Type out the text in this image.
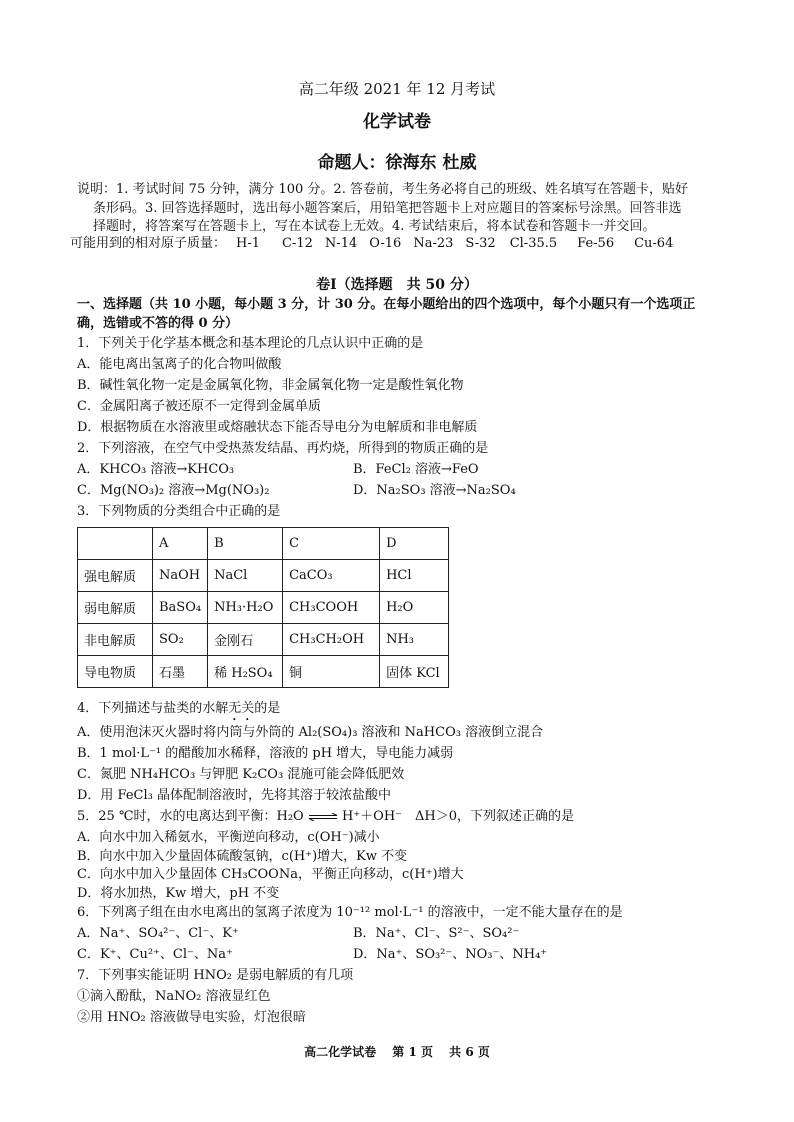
高二年级 2021 年 12 月考试
化学试卷
命题人：徐海东 杜威
说明：1. 考试时间 75 分钟，满分 100 分。2. 答卷前，考生务必将自己的班级、姓名填写在答题卡，贴好
条形码。3. 回答选择题时，选出每小题答案后，用铅笔把答题卡上对应题目的答案标号涂黑。回答非选
择题时，将答案写在答题卡上，写在本试卷上无效。4. 考试结束后，将本试卷和答题卡一并交回。
可能用到的相对原子质量： H-1 C-12 N-14 O-16 Na-23 S-32 Cl-35.5 Fe-56 Cu-64
卷Ⅰ（选择题　共 50 分）
一、选择题（共 10 小题，每小题 3 分，计 30 分。在每小题给出的四个选项中，每个小题只有一个选项正
确，选错或不答的得 0 分）
1．下列关于化学基本概念和基本理论的几点认识中正确的是
A．能电离出氢离子的化合物叫做酸
B．碱性氧化物一定是金属氧化物，非金属氧化物一定是酸性氧化物
C．金属阳离子被还原不一定得到金属单质
D．根据物质在水溶液里或熔融状态下能否导电分为电解质和非电解质
2．下列溶液，在空气中受热蒸发结晶、再灼烧，所得到的物质正确的是
A．KHCO₃ 溶液→KHCO₃	B．FeCl₂ 溶液→FeO
C．Mg(NO₃)₂ 溶液→Mg(NO₃)₂	D．Na₂SO₃ 溶液→Na₂SO₄
3．下列物质的分类组合中正确的是
	A	B	C	D
强电解质	NaOH	NaCl	CaCO₃	HCl
弱电解质	BaSO₄	NH₃·H₂O	CH₃COOH	H₂O
非电解质	SO₂	金刚石	CH₃CH₂OH	NH₃
导电物质	石墨	稀 H₂SO₄	铜	固体 KCl
4．下列描述与盐类的水解无关的是
A．使用泡沫灭火器时将内筒与外筒的 Al₂(SO₄)₃ 溶液和 NaHCO₃ 溶液倒立混合
B．1 mol·L⁻¹ 的醋酸加水稀释，溶液的 pH 增大，导电能力减弱
C．氮肥 NH₄HCO₃ 与钾肥 K₂CO₃ 混施可能会降低肥效
D．用 FeCl₃ 晶体配制溶液时，先将其溶于较浓盐酸中
5．25 ℃时，水的电离达到平衡：H₂O ⇌ H⁺＋OH⁻　ΔH＞0，下列叙述正确的是
A．向水中加入稀氨水，平衡逆向移动，c(OH⁻)减小
B．向水中加入少量固体硫酸氢钠，c(H⁺)增大，Kw 不变
C．向水中加入少量固体 CH₃COONa，平衡正向移动，c(H⁺)增大
D．将水加热，Kw 增大，pH 不变
6．下列离子组在由水电离出的氢离子浓度为 10⁻¹² mol·L⁻¹ 的溶液中，一定不能大量存在的是
A．Na⁺、SO₄²⁻、Cl⁻、K⁺	B．Na⁺、Cl⁻、S²⁻、SO₄²⁻
C．K⁺、Cu²⁺、Cl⁻、Na⁺	D．Na⁺、SO₃²⁻、NO₃⁻、NH₄⁺
7．下列事实能证明 HNO₂ 是弱电解质的有几项
①滴入酚酞，NaNO₂ 溶液显红色
②用 HNO₂ 溶液做导电实验，灯泡很暗
高二化学试卷　 第 1 页　 共 6 页
